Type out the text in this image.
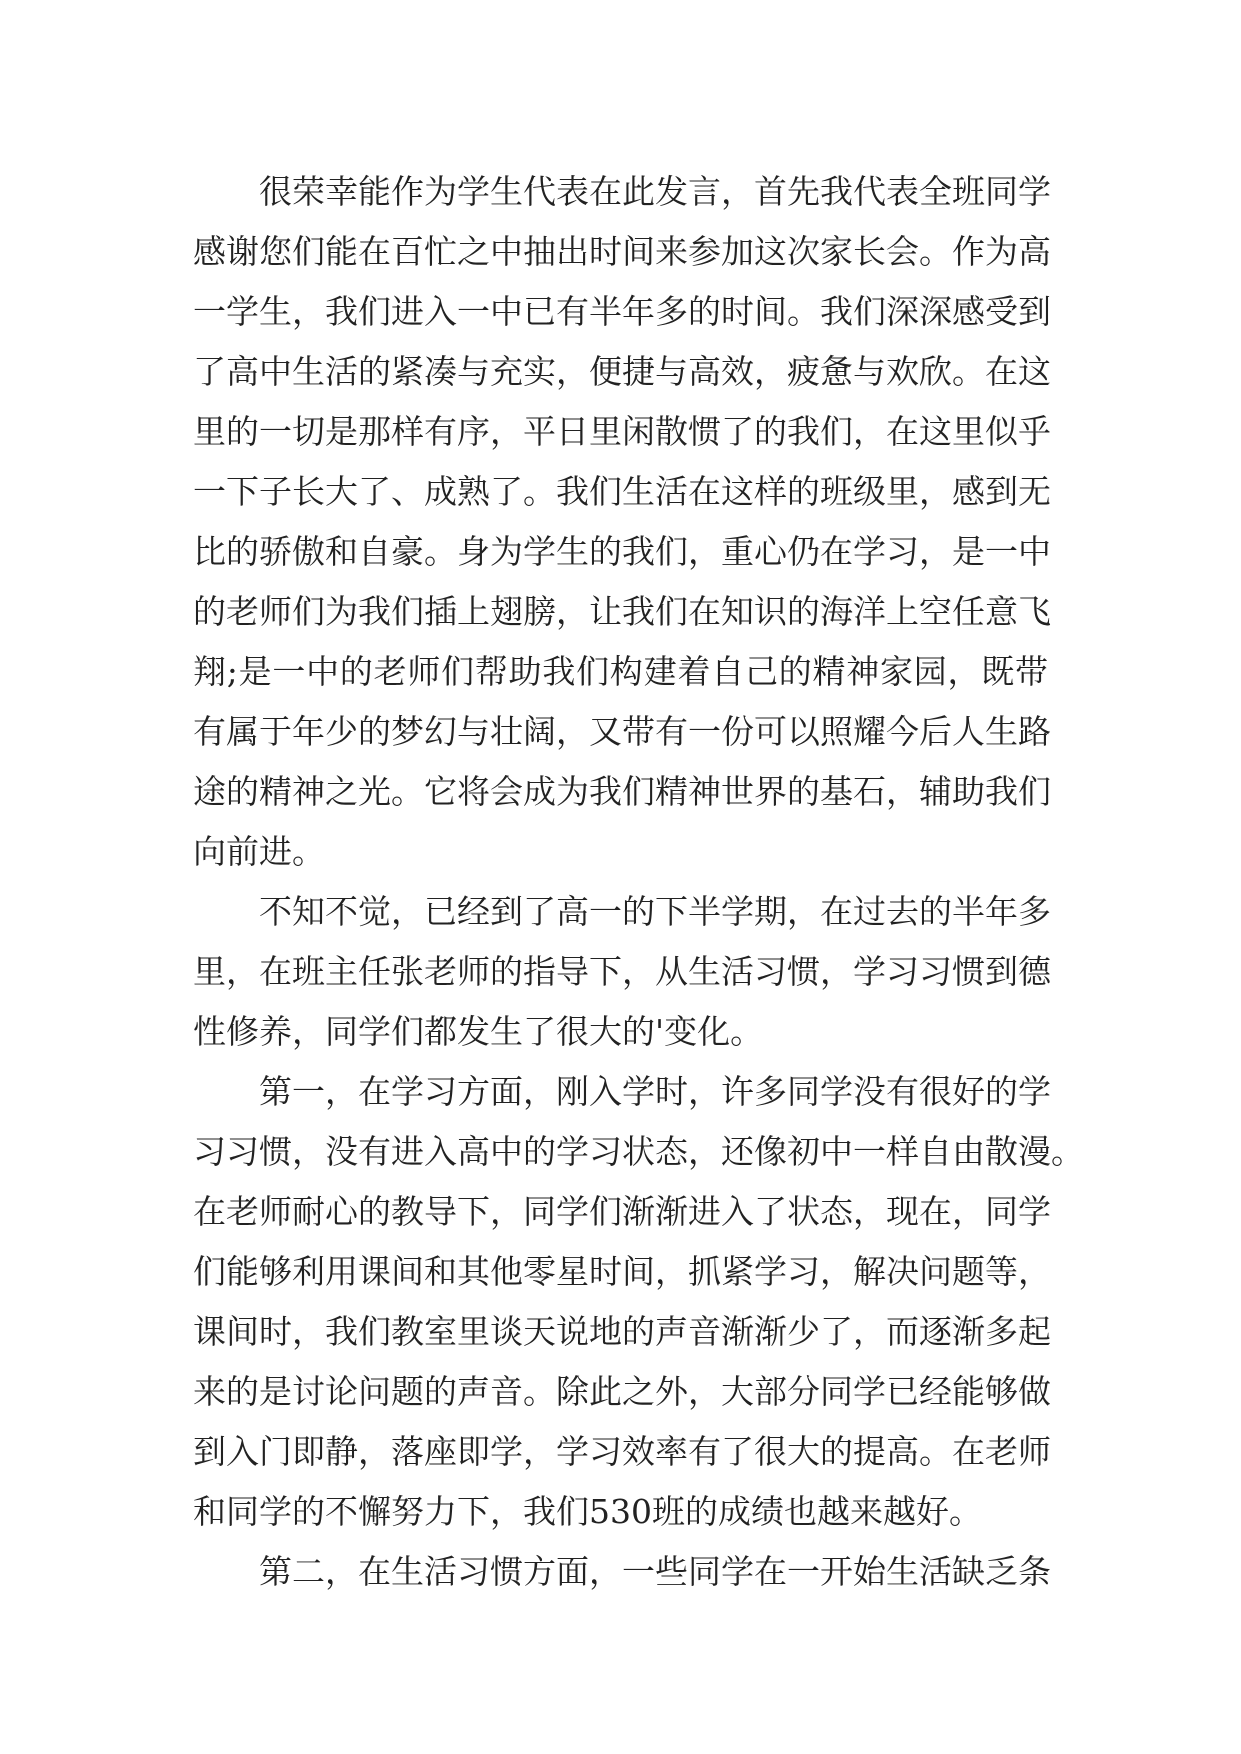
很荣幸能作为学生代表在此发言，首先我代表全班同学
感谢您们能在百忙之中抽出时间来参加这次家长会。作为高
一学生，我们进入一中已有半年多的时间。我们深深感受到
了高中生活的紧凑与充实，便捷与高效，疲惫与欢欣。在这
里的一切是那样有序，平日里闲散惯了的我们，在这里似乎
一下子长大了、成熟了。我们生活在这样的班级里，感到无
比的骄傲和自豪。身为学生的我们，重心仍在学习，是一中
的老师们为我们插上翅膀，让我们在知识的海洋上空任意飞
翔;是一中的老师们帮助我们构建着自己的精神家园，既带
有属于年少的梦幻与壮阔，又带有一份可以照耀今后人生路
途的精神之光。它将会成为我们精神世界的基石，辅助我们
向前进。
不知不觉，已经到了高一的下半学期，在过去的半年多
里，在班主任张老师的指导下，从生活习惯，学习习惯到德
性修养，同学们都发生了很大的'变化。
第一，在学习方面，刚入学时，许多同学没有很好的学
习习惯，没有进入高中的学习状态，还像初中一样自由散漫。
在老师耐心的教导下，同学们渐渐进入了状态，现在，同学
们能够利用课间和其他零星时间，抓紧学习，解决问题等，
课间时，我们教室里谈天说地的声音渐渐少了，而逐渐多起
来的是讨论问题的声音。除此之外，大部分同学已经能够做
到入门即静，落座即学，学习效率有了很大的提高。在老师
和同学的不懈努力下，我们530班的成绩也越来越好。
第二，在生活习惯方面，一些同学在一开始生活缺乏条
